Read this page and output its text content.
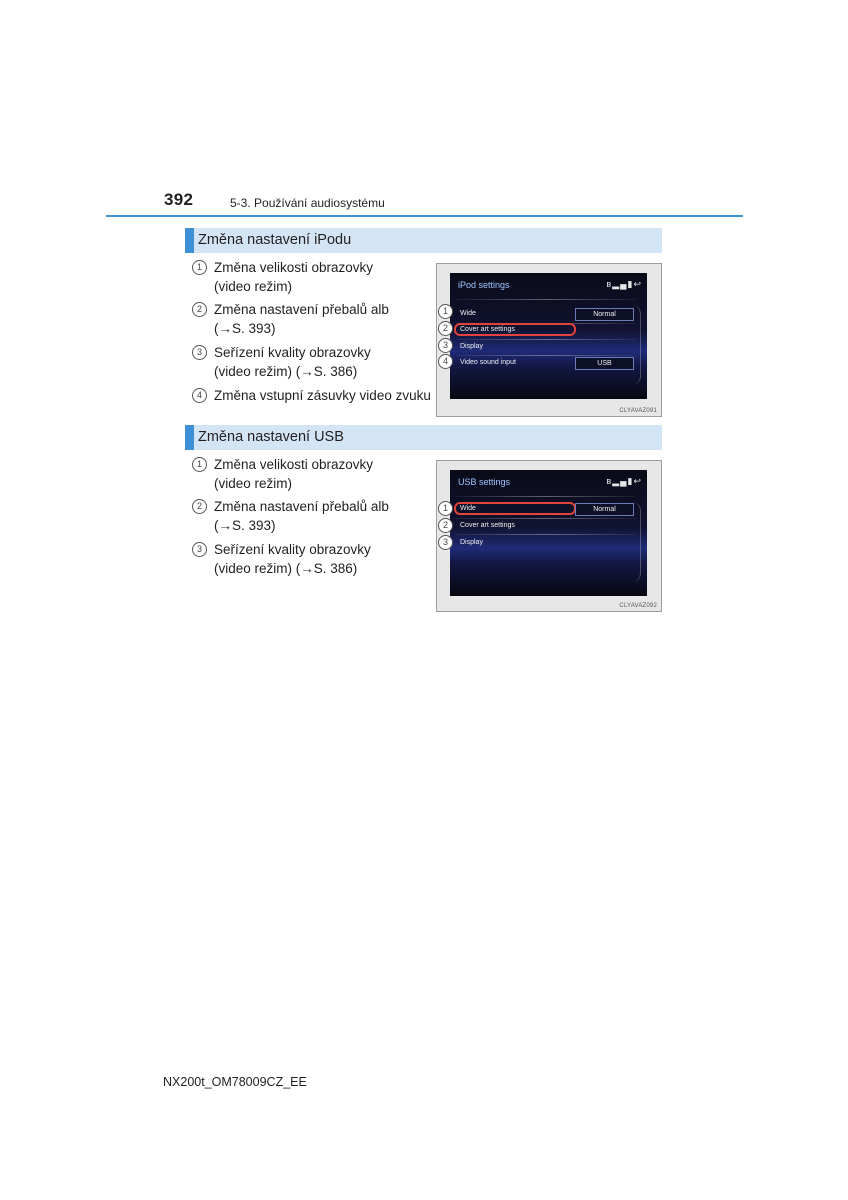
392	5-3. Používání audiosystému
Změna nastavení iPodu
1 Změna velikosti obrazovky
(video režim)
2 Změna nastavení přebalů alb
(→S. 393)
3 Seřízení kvality obrazovky
(video režim) (→S. 386)
4 Změna vstupní zásuvky video zvuku
iPod settings	ʙ▂▄▮↩
Wide	Normal
Cover art settings
Display
Video sound input	USB
1
2
3
4
CLYAVAZ091
Změna nastavení USB
1 Změna velikosti obrazovky
(video režim)
2 Změna nastavení přebalů alb
(→S. 393)
3 Seřízení kvality obrazovky
(video režim) (→S. 386)
USB settings	ʙ▂▄▮↩
Wide	Normal
Cover art settings
Display
1
2
3
CLYAVAZ092
NX200t_OM78009CZ_EE
